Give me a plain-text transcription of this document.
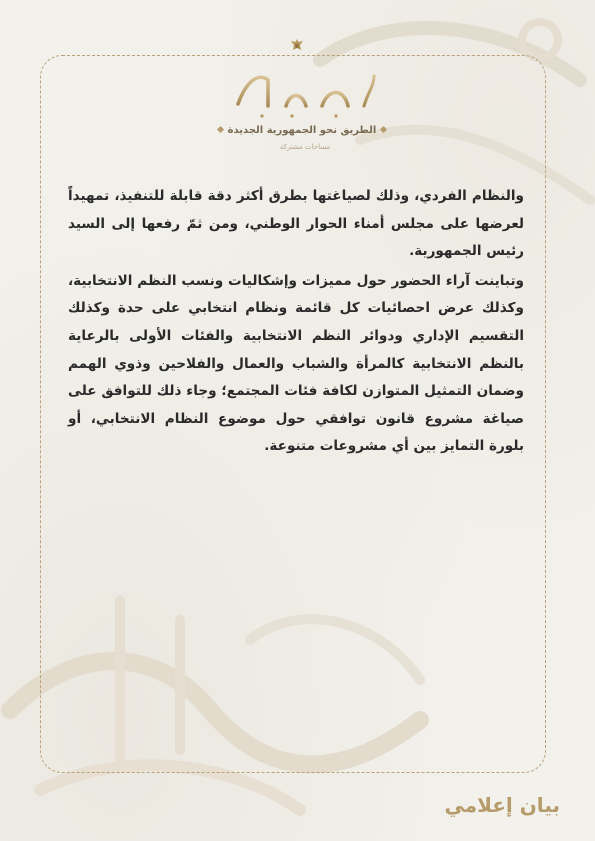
الطريق نحو الجمهورية الجديدة
مساحات مشتركة

والنظام الفردي، وذلك لصياغتها بطرق أكثر دقة قابلة للتنفيذ، تمهيداً لعرضها على مجلس أمناء الحوار الوطني، ومن ثمّ رفعها إلى السيد رئيس الجمهورية.

وتباينت آراء الحضور حول مميزات وإشكاليات ونسب النظم الانتخابية، وكذلك عرض احصائيات كل قائمة ونظام انتخابي على حدة وكذلك التقسيم الإداري ودوائر النظم الانتخابية والفئات الأولى بالرعاية بالنظم الانتخابية كالمرأة والشباب والعمال والفلاحين وذوي الهمم وضمان التمثيل المتوازن لكافة فئات المجتمع؛ وجاء ذلك للتوافق على صياغة مشروع قانون توافقي حول موضوع النظام الانتخابي، أو بلورة التمايز بين أي مشروعات متنوعة.

بيان إعلامي
